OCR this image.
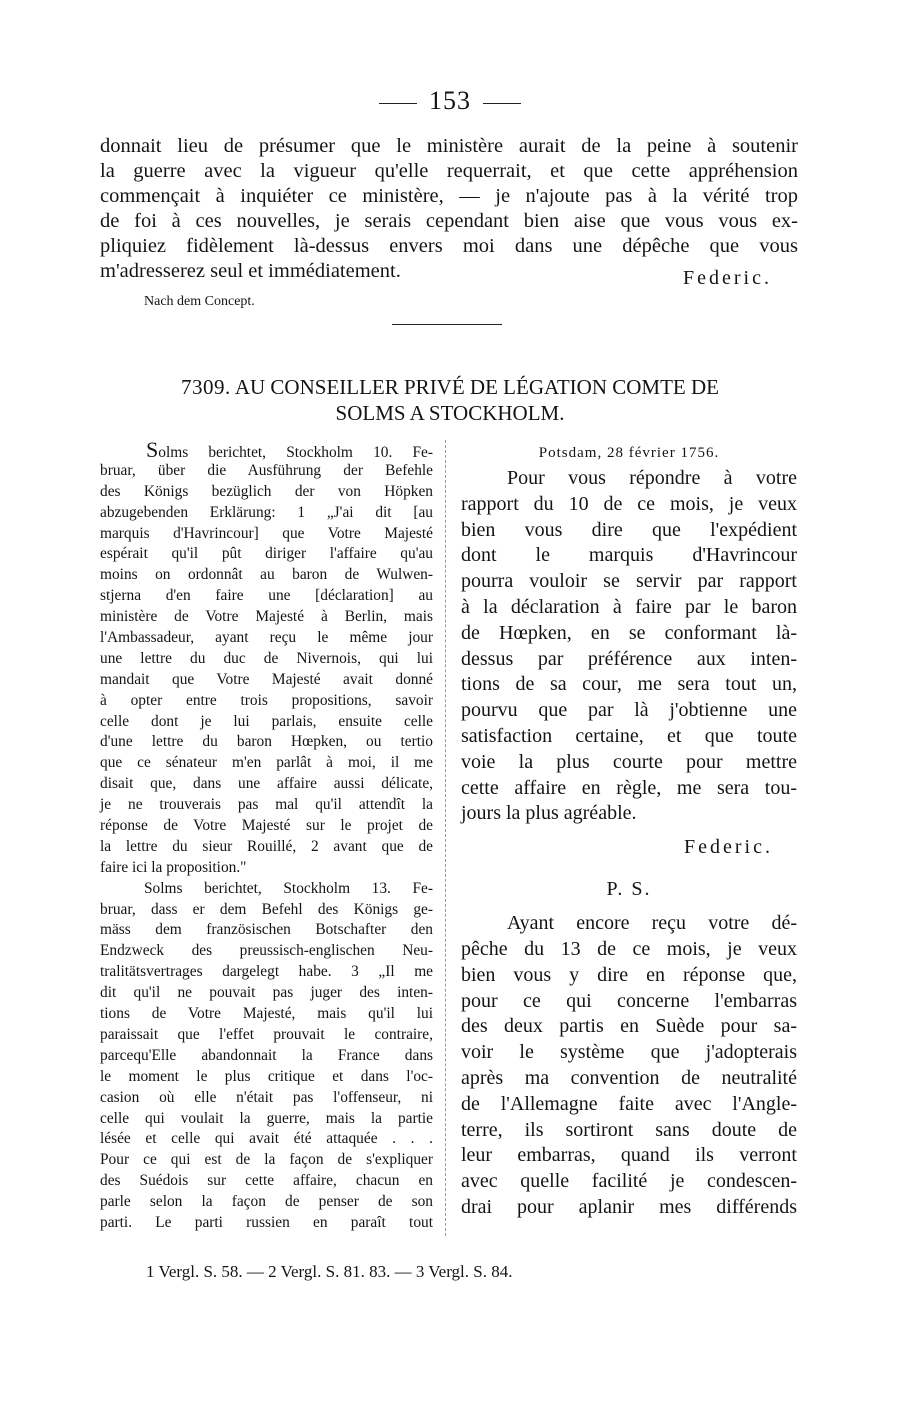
153
donnait lieu de présumer que le ministère aurait de la peine à soutenir
la guerre avec la vigueur qu'elle requerrait, et que cette appréhension
commençait à inquiéter ce ministère, — je n'ajoute pas à la vérité trop
de foi à ces nouvelles, je serais cependant bien aise que vous vous ex-
pliquiez fidèlement là-dessus envers moi dans une dépêche que vous
m'adresserez seul et immédiatement.	Federic.
Nach dem Concept.
7309. AU CONSEILLER PRIVÉ DE LÉGATION COMTE DE
SOLMS A STOCKHOLM.
Solms berichtet, Stockholm 10. Fe-
bruar, über die Ausführung der Befehle
des Königs bezüglich der von Höpken
abzugebenden Erklärung: 1 „J'ai dit [au
marquis d'Havrincour] que Votre Majesté
espérait qu'il pût diriger l'affaire qu'au
moins on ordonnât au baron de Wulwen-
stjerna d'en faire une [déclaration] au
ministère de Votre Majesté à Berlin, mais
l'Ambassadeur, ayant reçu le même jour
une lettre du duc de Nivernois, qui lui
mandait que Votre Majesté avait donné
à opter entre trois propositions, savoir
celle dont je lui parlais, ensuite celle
d'une lettre du baron Hœpken, ou tertio
que ce sénateur m'en parlât à moi, il me
disait que, dans une affaire aussi délicate,
je ne trouverais pas mal qu'il attendît la
réponse de Votre Majesté sur le projet de
la lettre du sieur Rouillé, 2 avant que de
faire ici la proposition."
Solms berichtet, Stockholm 13. Fe-
bruar, dass er dem Befehl des Königs ge-
mäss dem französischen Botschafter den
Endzweck des preussisch-englischen Neu-
tralitätsvertrages dargelegt habe. 3 „Il me
dit qu'il ne pouvait pas juger des inten-
tions de Votre Majesté, mais qu'il lui
paraissait que l'effet prouvait le contraire,
parcequ'Elle abandonnait la France dans
le moment le plus critique et dans l'oc-
casion où elle n'était pas l'offenseur, ni
celle qui voulait la guerre, mais la partie
lésée et celle qui avait été attaquée . . .
Pour ce qui est de la façon de s'expliquer
des Suédois sur cette affaire, chacun en
parle selon la façon de penser de son
parti. Le parti russien en paraît tout
Potsdam, 28 février 1756.
Pour vous répondre à votre
rapport du 10 de ce mois, je veux
bien vous dire que l'expédient
dont le marquis d'Havrincour
pourra vouloir se servir par rapport
à la déclaration à faire par le baron
de Hœpken, en se conformant là-
dessus par préférence aux inten-
tions de sa cour, me sera tout un,
pourvu que par là j'obtienne une
satisfaction certaine, et que toute
voie la plus courte pour mettre
cette affaire en règle, me sera tou-
jours la plus agréable.
Federic.
P. S.
Ayant encore reçu votre dé-
pêche du 13 de ce mois, je veux
bien vous y dire en réponse que,
pour ce qui concerne l'embarras
des deux partis en Suède pour sa-
voir le système que j'adopterais
après ma convention de neutralité
de l'Allemagne faite avec l'Angle-
terre, ils sortiront sans doute de
leur embarras, quand ils verront
avec quelle facilité je condescen-
drai pour aplanir mes différends
1 Vergl. S. 58. — 2 Vergl. S. 81. 83. — 3 Vergl. S. 84.
